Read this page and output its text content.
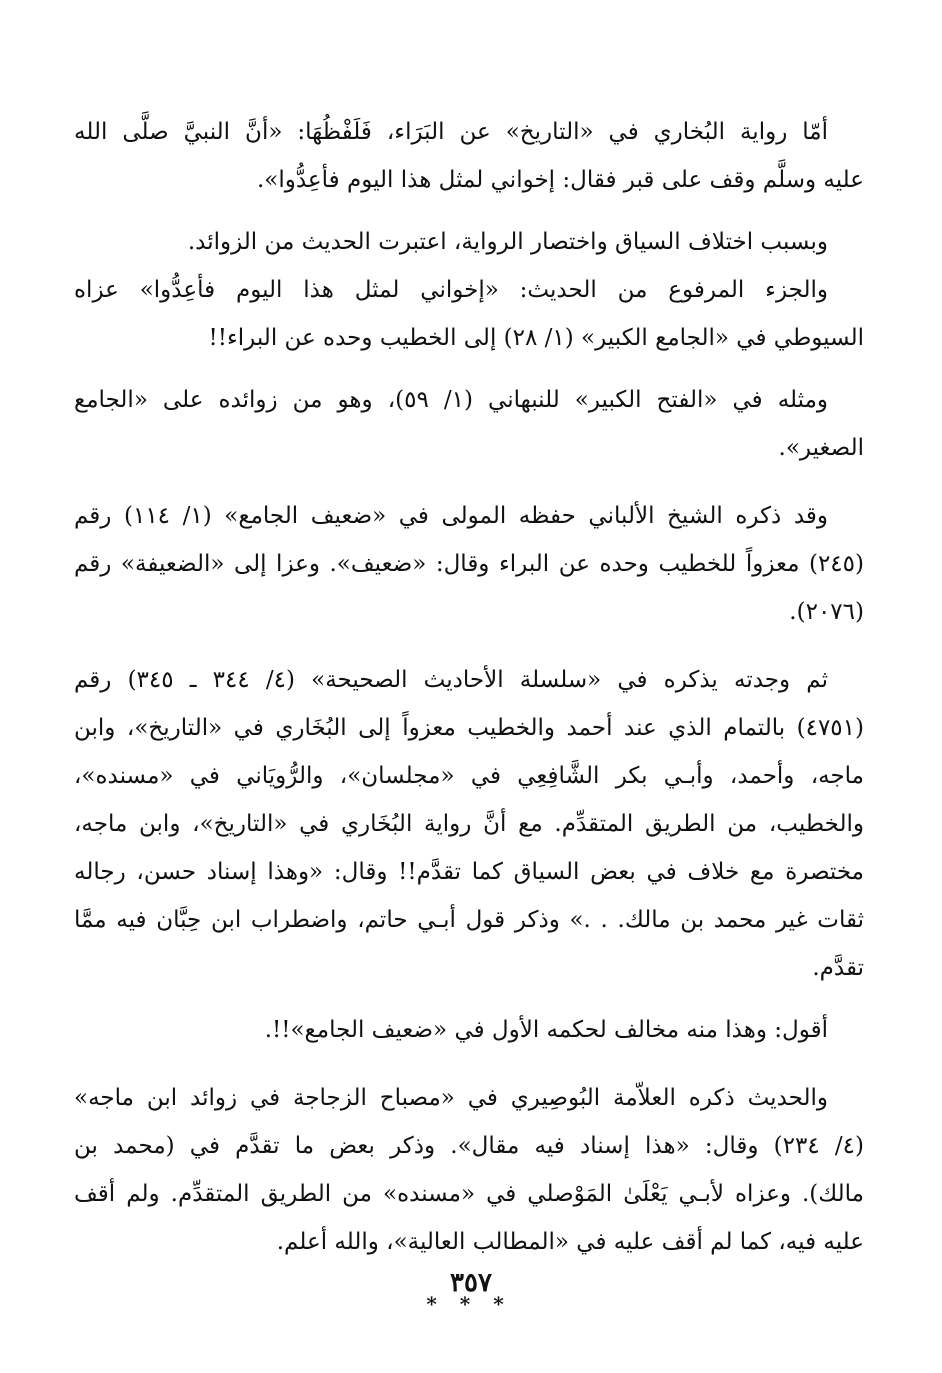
أمّا رواية البُخاري في «التاريخ» عن البَرَاء، فَلَفْظُهَا: «أنَّ النبيَّ صلَّى الله
عليه وسلَّم وقف على قبر فقال: إخواني لمثل هذا اليوم فأعِدُّوا».

وبسبب اختلاف السياق واختصار الرواية، اعتبرت الحديث من الزوائد.

والجزء المرفوع من الحديث: «إخواني لمثل هذا اليوم فأعِدُّوا» عزاه
السيوطي في «الجامع الكبير» (١/ ٢٨) إلى الخطيب وحده عن البراء!!

ومثله في «الفتح الكبير» للنبهاني (١/ ٥٩)، وهو من زوائده على «الجامع
الصغير».

وقد ذكره الشيخ الألباني حفظه المولى في «ضعيف الجامع» (١/ ١١٤) رقم
(٢٤٥) معزواً للخطيب وحده عن البراء وقال: «ضعيف». وعزا إلى «الضعيفة» رقم
(٢٠٧٦).

ثم وجدته يذكره في «سلسلة الأحاديث الصحيحة» (٤/ ٣٤٤ ـ ٣٤٥) رقم
(٤٧٥١) بالتمام الذي عند أحمد والخطيب معزواً إلى البُخَاري في «التاريخ»، وابن
ماجه، وأحمد، وأبـي بكر الشَّافِعِي في «مجلسان»، والرُّويَاني في «مسنده»،
والخطيب، من الطريق المتقدِّم. مع أنَّ رواية البُخَاري في «التاريخ»، وابن ماجه،
مختصرة مع خلاف في بعض السياق كما تقدَّم!! وقال: «وهذا إسناد حسن، رجاله
ثقات غير محمد بن مالك. . .» وذكر قول أبـي حاتم، واضطراب ابن حِبَّان فيه ممَّا
تقدَّم.

أقول: وهذا منه مخالف لحكمه الأول في «ضعيف الجامع»!!.

والحديث ذكره العلاّمة البُوصِيري في «مصباح الزجاجة في زوائد ابن ماجه»
(٤/ ٢٣٤) وقال: «هذا إسناد فيه مقال». وذكر بعض ما تقدَّم في (محمد بن
مالك). وعزاه لأبـي يَعْلَىٰ المَوْصلي في «مسنده» من الطريق المتقدِّم. ولم أقف
عليه فيه، كما لم أقف عليه في «المطالب العالية»، والله أعلم.

* * *
٣٥٧
